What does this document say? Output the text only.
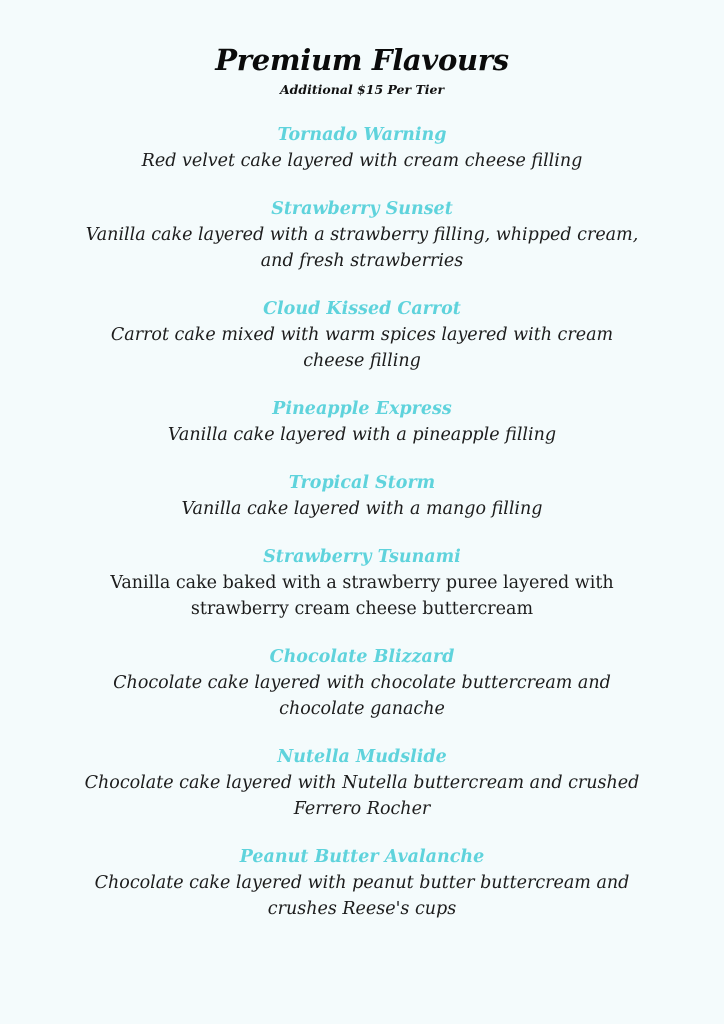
Premium Flavours

Additional $15 Per Tier

Tornado Warning

Red velvet cake layered with cream cheese filling

Strawberry Sunset

Vanilla cake layered with a strawberry filling, whipped cream, and fresh strawberries

Cloud Kissed Carrot

Carrot cake mixed with warm spices layered with cream cheese filling

Pineapple Express

Vanilla cake layered with a pineapple filling

Tropical Storm

Vanilla cake layered with a mango filling

Strawberry Tsunami

Vanilla cake baked with a strawberry puree layered with strawberry cream cheese buttercream

Chocolate Blizzard

Chocolate cake layered with chocolate buttercream and chocolate ganache

Nutella Mudslide

Chocolate cake layered with Nutella buttercream and crushed Ferrero Rocher

Peanut Butter Avalanche

Chocolate cake layered with peanut butter buttercream and crushes Reese's cups
